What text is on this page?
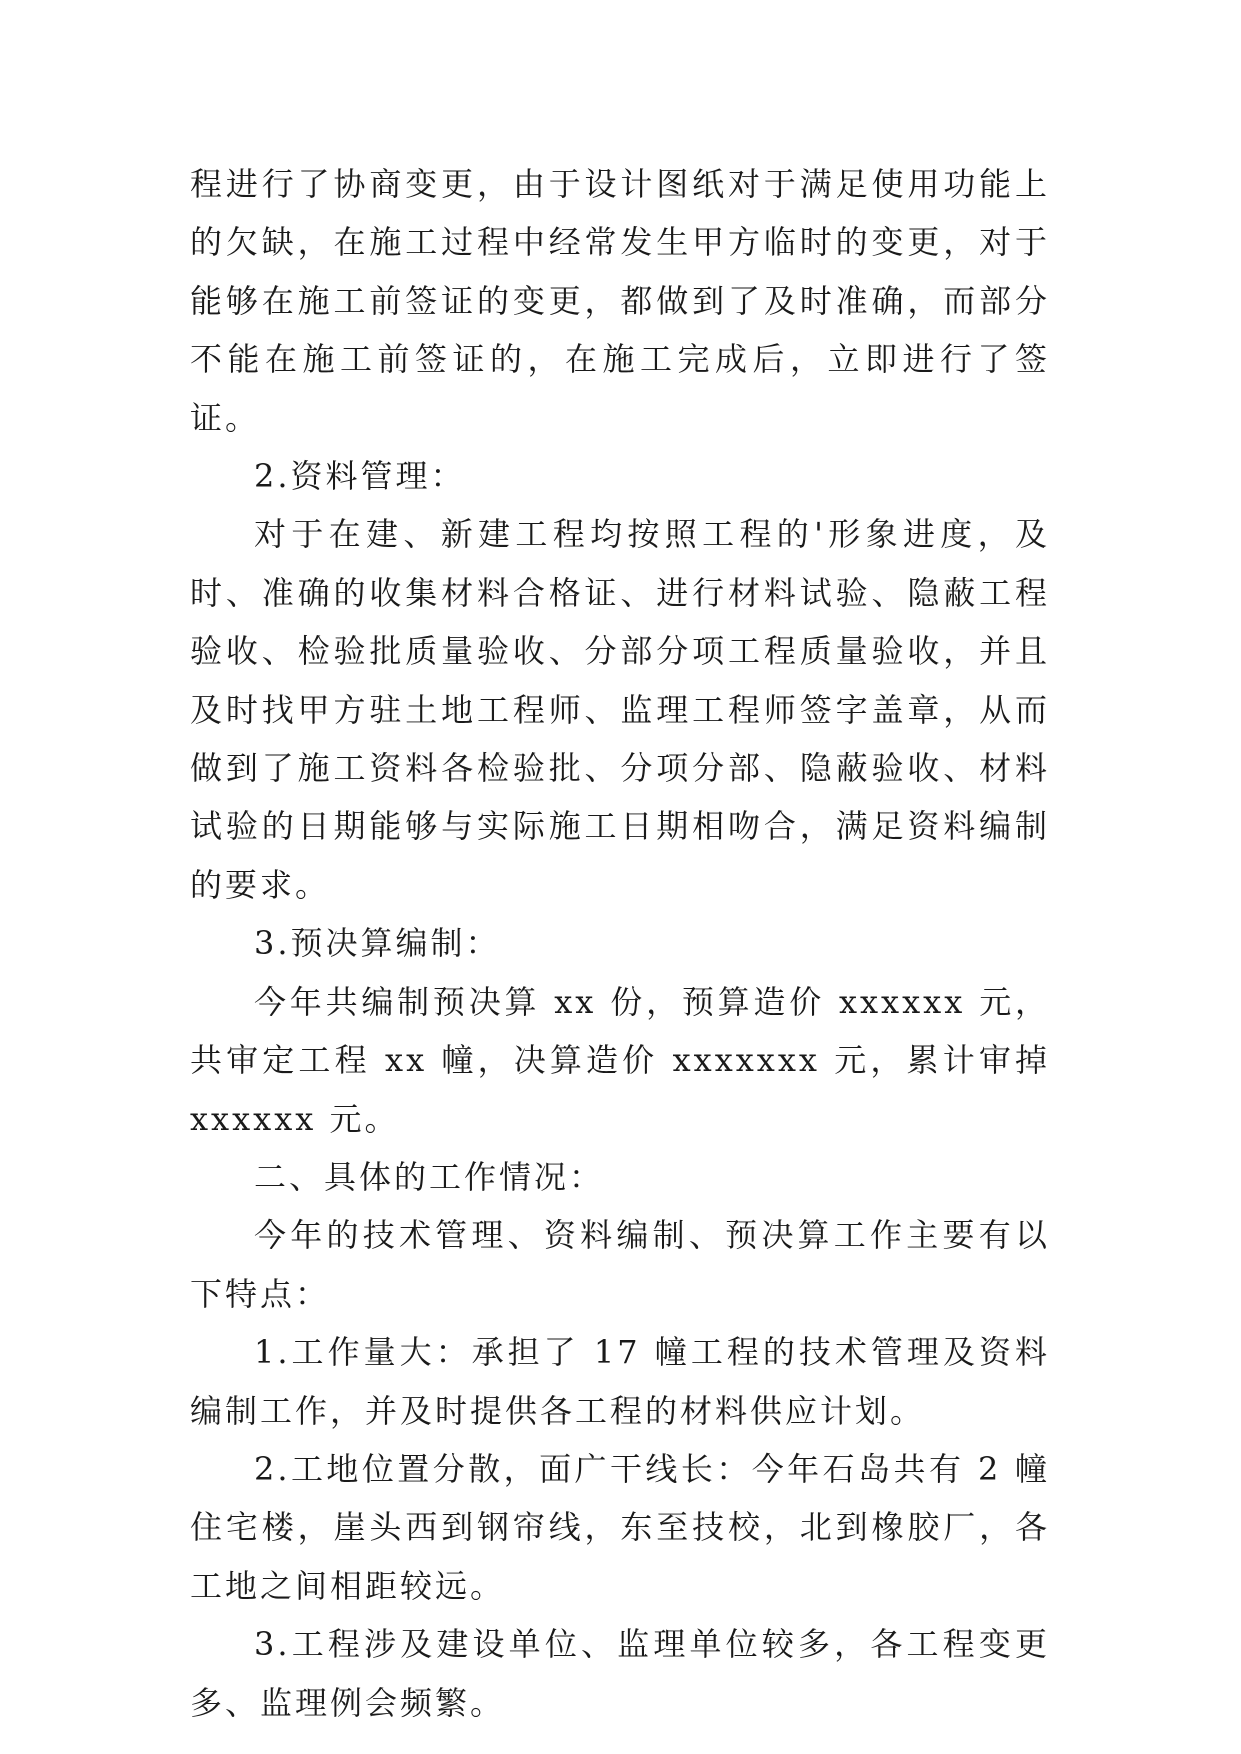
程进行了协商变更，由于设计图纸对于满足使用功能上的欠缺，在施工过程中经常发生甲方临时的变更，对于能够在施工前签证的变更，都做到了及时准确，而部分不能在施工前签证的，在施工完成后，立即进行了签证。

2.资料管理：

对于在建、新建工程均按照工程的'形象进度，及时、准确的收集材料合格证、进行材料试验、隐蔽工程验收、检验批质量验收、分部分项工程质量验收，并且及时找甲方驻土地工程师、监理工程师签字盖章，从而做到了施工资料各检验批、分项分部、隐蔽验收、材料试验的日期能够与实际施工日期相吻合，满足资料编制的要求。

3.预决算编制：

今年共编制预决算 xx 份，预算造价 xxxxxx 元，共审定工程 xx 幢，决算造价 xxxxxxx 元，累计审掉 xxxxxx 元。

二、具体的工作情况：

今年的技术管理、资料编制、预决算工作主要有以下特点：

1.工作量大：承担了 17 幢工程的技术管理及资料编制工作，并及时提供各工程的材料供应计划。

2.工地位置分散，面广干线长：今年石岛共有 2 幢住宅楼，崖头西到钢帘线，东至技校，北到橡胶厂，各工地之间相距较远。

3.工程涉及建设单位、监理单位较多，各工程变更多、监理例会频繁。
